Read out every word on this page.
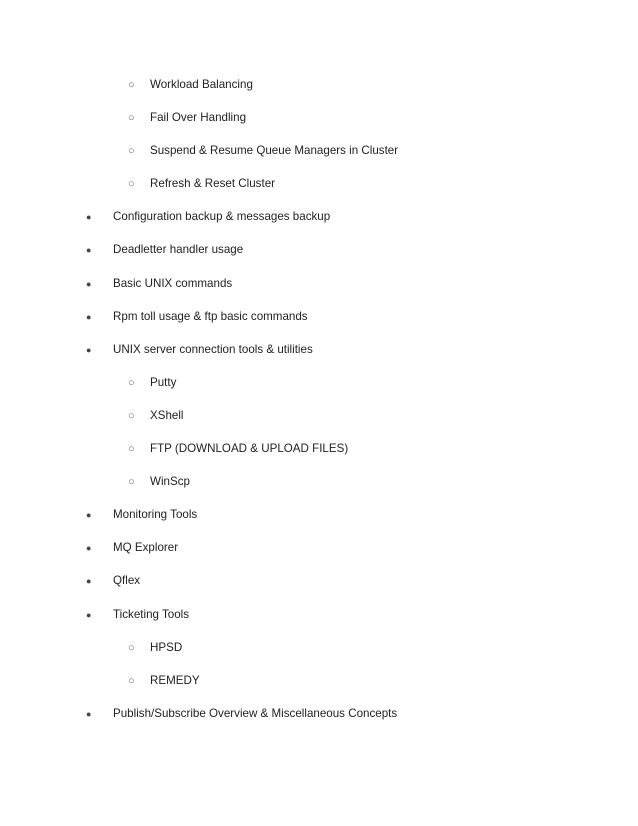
○ Workload Balancing
○ Fail Over Handling
○ Suspend & Resume Queue Managers in Cluster
○ Refresh & Reset Cluster
● Configuration backup & messages backup
● Deadletter handler usage
● Basic UNIX commands
● Rpm toll usage & ftp basic commands
● UNIX server connection tools & utilities
○ Putty
○ XShell
○ FTP (DOWNLOAD & UPLOAD FILES)
○ WinScp
● Monitoring Tools
● MQ Explorer
● Qflex
● Ticketing Tools
○ HPSD
○ REMEDY
● Publish/Subscribe Overview & Miscellaneous Concepts
